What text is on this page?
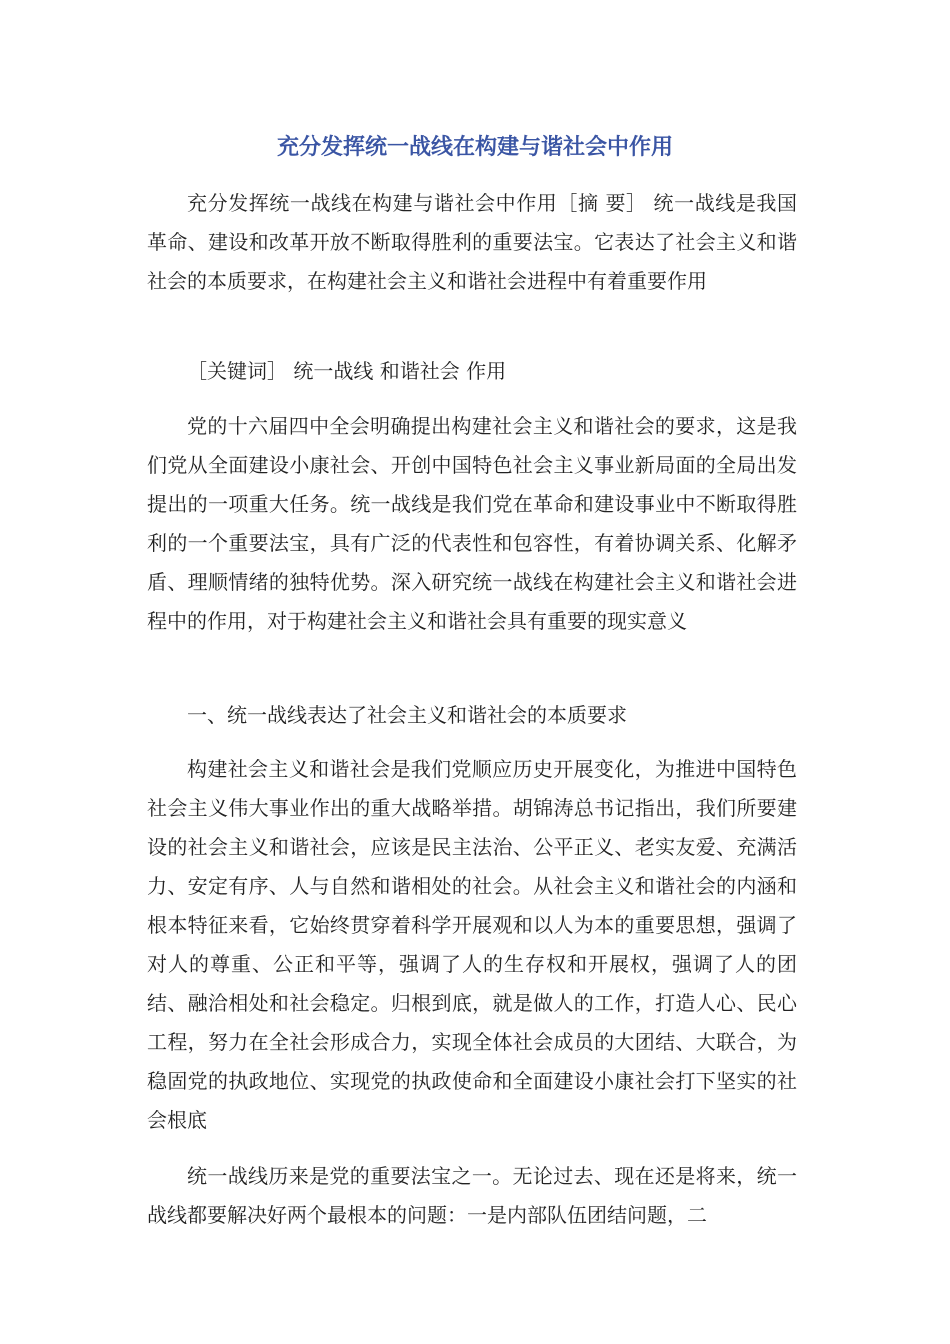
充分发挥统一战线在构建与谐社会中作用

充分发挥统一战线在构建与谐社会中作用［摘 要］ 统一战线是我国革命、建设和改革开放不断取得胜利的重要法宝。它表达了社会主义和谐社会的本质要求，在构建社会主义和谐社会进程中有着重要作用

［关键词］ 统一战线 和谐社会 作用

党的十六届四中全会明确提出构建社会主义和谐社会的要求，这是我们党从全面建设小康社会、开创中国特色社会主义事业新局面的全局出发提出的一项重大任务。统一战线是我们党在革命和建设事业中不断取得胜利的一个重要法宝，具有广泛的代表性和包容性，有着协调关系、化解矛盾、理顺情绪的独特优势。深入研究统一战线在构建社会主义和谐社会进程中的作用，对于构建社会主义和谐社会具有重要的现实意义

一、统一战线表达了社会主义和谐社会的本质要求

构建社会主义和谐社会是我们党顺应历史开展变化，为推进中国特色社会主义伟大事业作出的重大战略举措。胡锦涛总书记指出，我们所要建设的社会主义和谐社会，应该是民主法治、公平正义、老实友爱、充满活力、安定有序、人与自然和谐相处的社会。从社会主义和谐社会的内涵和根本特征来看，它始终贯穿着科学开展观和以人为本的重要思想，强调了对人的尊重、公正和平等，强调了人的生存权和开展权，强调了人的团结、融洽相处和社会稳定。归根到底，就是做人的工作，打造人心、民心工程，努力在全社会形成合力，实现全体社会成员的大团结、大联合，为稳固党的执政地位、实现党的执政使命和全面建设小康社会打下坚实的社会根底

统一战线历来是党的重要法宝之一。无论过去、现在还是将来，统一战线都要解决好两个最根本的问题：一是内部队伍团结问题，二
